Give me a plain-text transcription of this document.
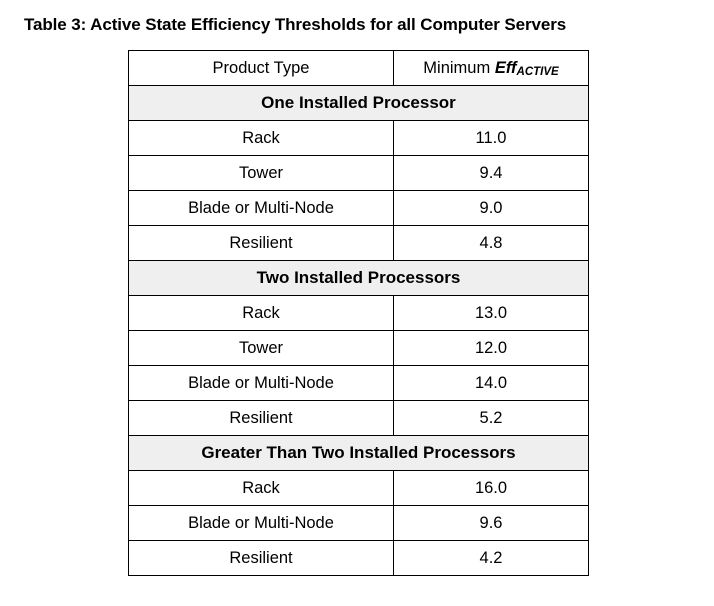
Table 3: Active State Efficiency Thresholds for all Computer Servers
Product Type	Minimum EffACTIVE
One Installed Processor	
Rack	11.0
Tower	9.4
Blade or Multi-Node	9.0
Resilient	4.8
Two Installed Processors	
Rack	13.0
Tower	12.0
Blade or Multi-Node	14.0
Resilient	5.2
Greater Than Two Installed Processors	
Rack	16.0
Blade or Multi-Node	9.6
Resilient	4.2
